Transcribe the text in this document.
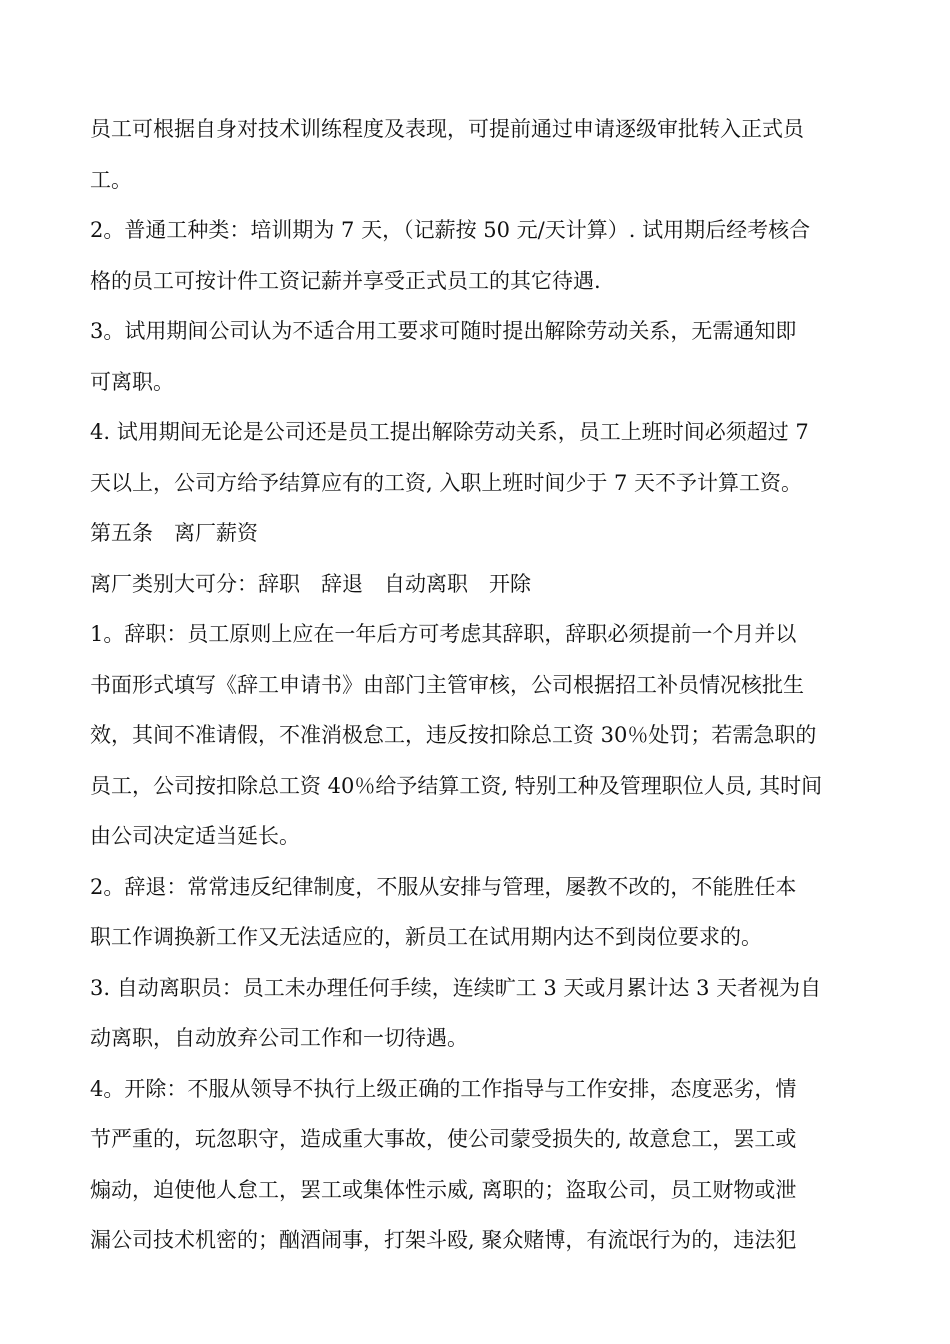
员工可根据自身对技术训练程度及表现，可提前通过申请逐级审批转入正式员
工。
2。普通工种类：培训期为 7 天，（记薪按 50 元/天计算）. 试用期后经考核合
格的员工可按计件工资记薪并享受正式员工的其它待遇.
3。试用期间公司认为不适合用工要求可随时提出解除劳动关系，无需通知即
可离职。
4. 试用期间无论是公司还是员工提出解除劳动关系，员工上班时间必须超过 7
天以上，公司方给予结算应有的工资, 入职上班时间少于 7 天不予计算工资。
第五条　离厂薪资
离厂类别大可分：辞职　辞退　自动离职　开除
1。辞职：员工原则上应在一年后方可考虑其辞职，辞职必须提前一个月并以
书面形式填写《辞工申请书》由部门主管审核，公司根据招工补员情况核批生
效，其间不准请假，不准消极怠工，违反按扣除总工资 30％处罚；若需急职的
员工，公司按扣除总工资 40％给予结算工资, 特别工种及管理职位人员, 其时间
由公司决定适当延长。
2。辞退：常常违反纪律制度，不服从安排与管理，屡教不改的，不能胜任本
职工作调换新工作又无法适应的，新员工在试用期内达不到岗位要求的。
3. 自动离职员：员工未办理任何手续，连续旷工 3 天或月累计达 3 天者视为自
动离职，自动放弃公司工作和一切待遇。
4。开除：不服从领导不执行上级正确的工作指导与工作安排，态度恶劣，情
节严重的，玩忽职守，造成重大事故，使公司蒙受损失的, 故意怠工，罢工或
煽动，迫使他人怠工，罢工或集体性示威, 离职的；盗取公司，员工财物或泄
漏公司技术机密的；酗酒闹事，打架斗殴, 聚众赌博，有流氓行为的，违法犯
